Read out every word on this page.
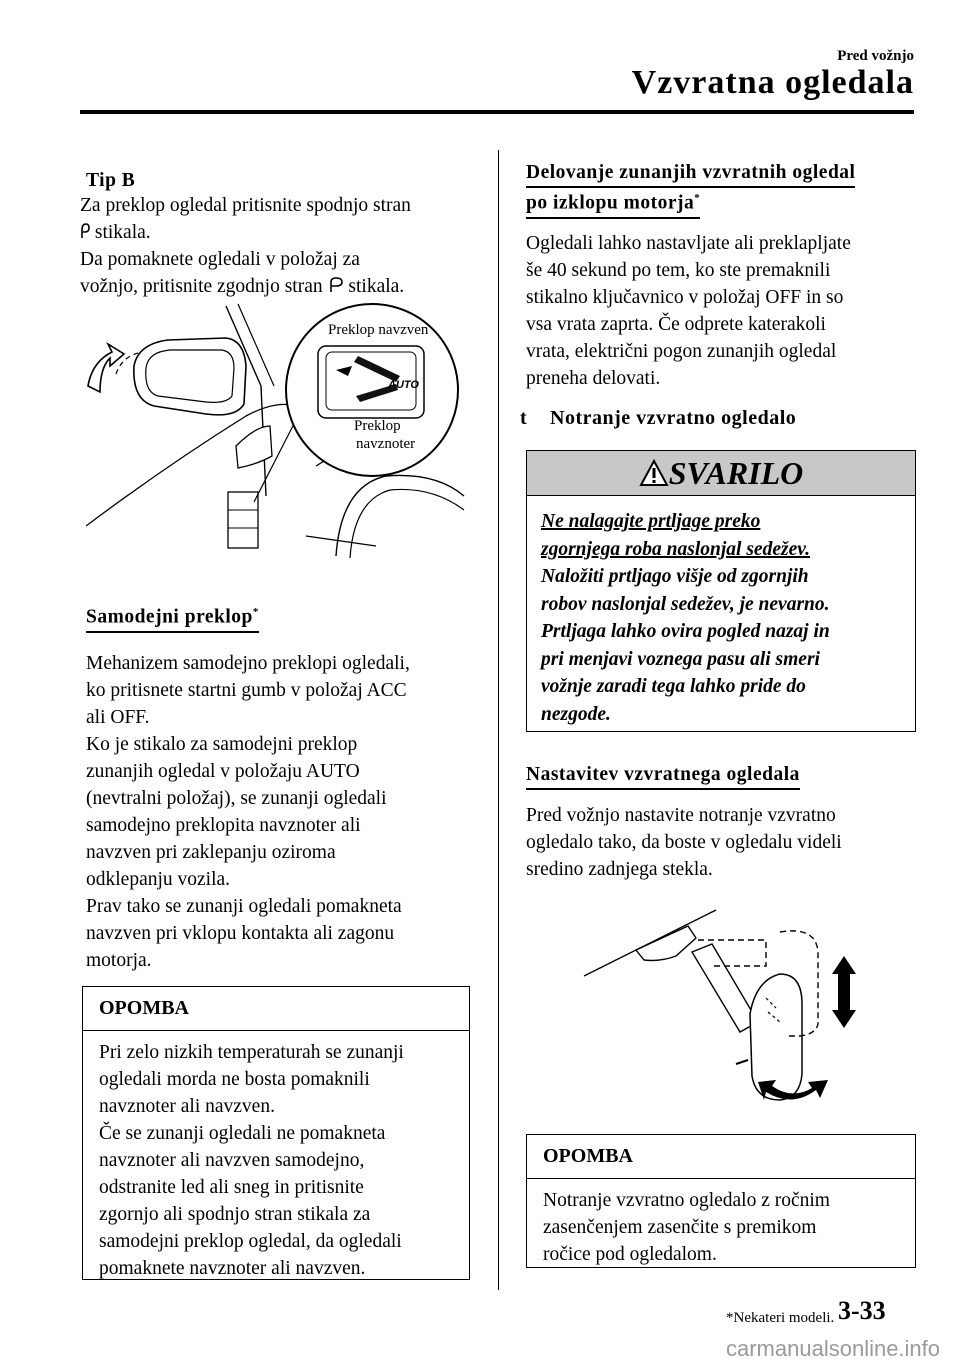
Pred vožnjo
Vzvratna ogledala
Tip B
Za preklop ogledal pritisnite spodnjo stran
stikala.
Da pomaknete ogledali v položaj za
vožnjo, pritisnite zgodnjo stran stikala.
AUTO
Preklop navzven
Preklop
navznoter
Samodejni preklop*
Mehanizem samodejno preklopi ogledali,
ko pritisnete startni gumb v položaj ACC
ali OFF.
Ko je stikalo za samodejni preklop
zunanjih ogledal v položaju AUTO
(nevtralni položaj), se zunanji ogledali
samodejno preklopita navznoter ali
navzven pri zaklepanju oziroma
odklepanju vozila.
Prav tako se zunanji ogledali pomakneta
navzven pri vklopu kontakta ali zagonu
motorja.
OPOMBA
Pri zelo nizkih temperaturah se zunanji
ogledali morda ne bosta pomaknili
navznoter ali navzven.
Če se zunanji ogledali ne pomakneta
navznoter ali navzven samodejno,
odstranite led ali sneg in pritisnite
zgornjo ali spodnjo stran stikala za
samodejni preklop ogledal, da ogledali
pomaknete navznoter ali navzven.
Delovanje zunanjih vzvratnih ogledal
po izklopu motorja*
Ogledali lahko nastavljate ali preklapljate
še 40 sekund po tem, ko ste premaknili
stikalno ključavnico v položaj OFF in so
vsa vrata zaprta. Če odprete katerakoli
vrata, električni pogon zunanjih ogledal
preneha delovati.
t Notranje vzvratno ogledalo
SVARILO
Ne nalagajte prtljage preko
zgornjega roba naslonjal sedežev.
Naložiti prtljago višje od zgornjih
robov naslonjal sedežev, je nevarno.
Prtljaga lahko ovira pogled nazaj in
pri menjavi voznega pasu ali smeri
vožnje zaradi tega lahko pride do
nezgode.
Nastavitev vzvratnega ogledala
Pred vožnjo nastavite notranje vzvratno
ogledalo tako, da boste v ogledalu videli
sredino zadnjega stekla.
OPOMBA
Notranje vzvratno ogledalo z ročnim
zasenčenjem zasenčite s premikom
ročice pod ogledalom.
*Nekateri modeli. 3-33
carmanualsonline.info
